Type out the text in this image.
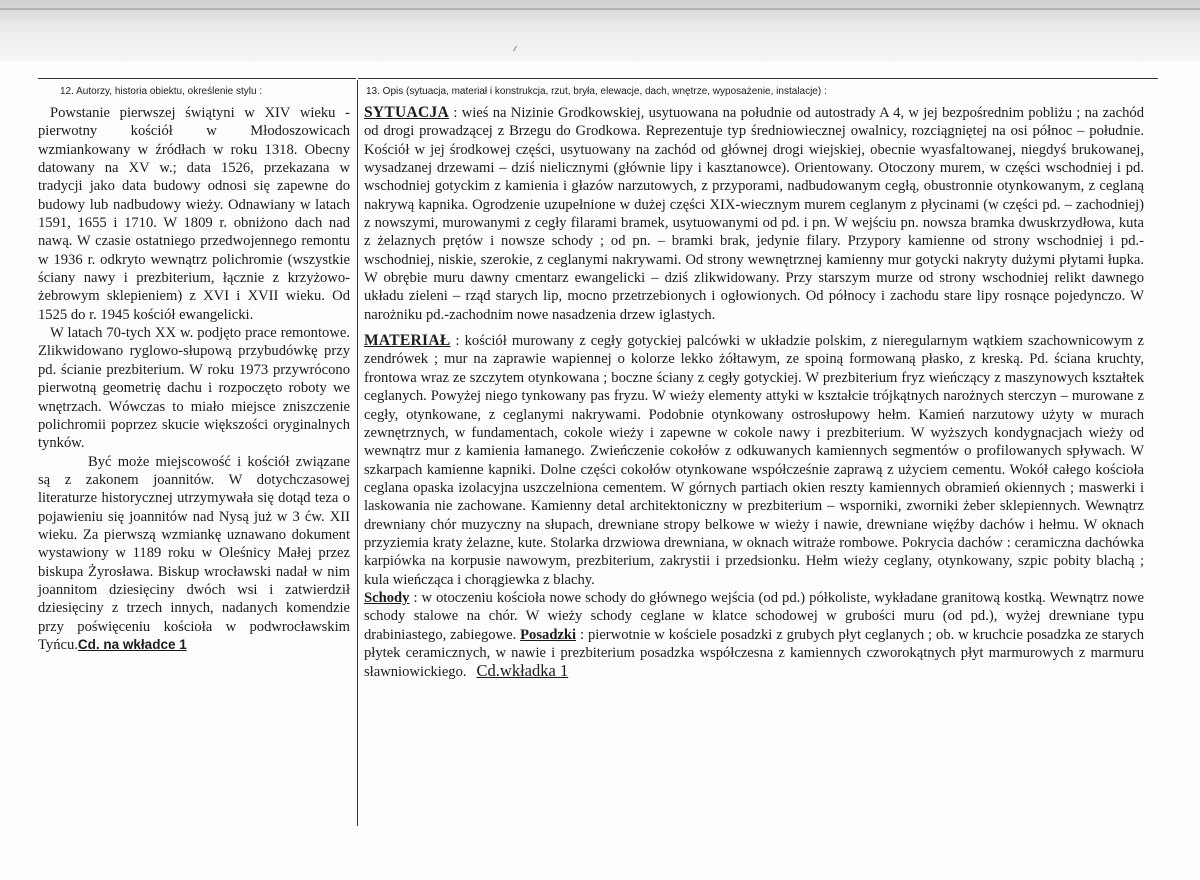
12. Autorzy, historia obiektu, określenie stylu :	13. Opis (sytuacja, materiał i konstrukcja, rzut, bryła, elewacje, dach, wnętrze, wyposażenie, instalacje) :

Powstanie pierwszej świątyni w XIV wieku - pierwotny kościół w Młodoszowicach wzmiankowany w źródłach w roku 1318. Obecny datowany na XV w.; data 1526, przekazana w tradycji jako data budowy odnosi się zapewne do budowy lub nadbudowy wieży. Odnawiany w latach 1591, 1655 i 1710. W 1809 r. obniżono dach nad nawą. W czasie ostatniego przedwojennego remontu w 1936 r. odkryto wewnątrz polichromie (wszystkie ściany nawy i prezbiterium, łącznie z krzyżowo-żebrowym sklepieniem) z XVI i XVII wieku. Od 1525 do r. 1945 kościół ewangelicki.

W latach 70-tych XX w. podjęto prace remontowe. Zlikwidowano ryglowo-słupową przybudówkę przy pd. ścianie prezbiterium. W roku 1973 przywrócono pierwotną geometrię dachu i rozpoczęto roboty we wnętrzach. Wówczas to miało miejsce zniszczenie polichromii poprzez skucie większości oryginalnych tynków.

Być może miejscowość i kościół związane są z zakonem joannitów. W dotychczasowej literaturze historycznej utrzymywała się dotąd teza o pojawieniu się joannitów nad Nysą już w 3 ćw. XII wieku. Za pierwszą wzmiankę uznawano dokument wystawiony w 1189 roku w Oleśnicy Małej przez biskupa Żyrosława. Biskup wrocławski nadał w nim joannitom dziesięciny dwóch wsi i zatwierdził dziesięciny z trzech innych, nadanych komendzie przy poświęceniu kościoła w podwrocławskim Tyńcu.Cd. na wkładce 1

SYTUACJA : wieś na Nizinie Grodkowskiej, usytuowana na południe od autostrady A 4, w jej bezpośrednim pobliżu ; na zachód od drogi prowadzącej z Brzegu do Grodkowa. Reprezentuje typ średniowiecznej owalnicy, rozciągniętej na osi północ – południe. Kościół w jej środkowej części, usytuowany na zachód od głównej drogi wiejskiej, obecnie wyasfaltowanej, niegdyś brukowanej, wysadzanej drzewami – dziś nielicznymi (głównie lipy i kasztanowce). Orientowany. Otoczony murem, w części wschodniej i pd. wschodniej gotyckim z kamienia i głazów narzutowych, z przyporami, nadbudowanym cegłą, obustronnie otynkowanym, z ceglaną nakrywą kapnika. Ogrodzenie uzupełnione w dużej części XIX-wiecznym murem ceglanym z płycinami (w części pd. – zachodniej) z nowszymi, murowanymi z cegły filarami bramek, usytuowanymi od pd. i pn. W wejściu pn. nowsza bramka dwuskrzydłowa, kuta z żelaznych prętów i nowsze schody ; od pn. – bramki brak, jedynie filary. Przypory kamienne od strony wschodniej i pd.-wschodniej, niskie, szerokie, z ceglanymi nakrywami. Od strony wewnętrznej kamienny mur gotycki nakryty dużymi płytami łupka. W obrębie muru dawny cmentarz ewangelicki – dziś zlikwidowany. Przy starszym murze od strony wschodniej relikt dawnego układu zieleni – rząd starych lip, mocno przetrzebionych i ogłowionych. Od północy i zachodu stare lipy rosnące pojedynczo. W narożniku pd.-zachodnim nowe nasadzenia drzew iglastych.

MATERIAŁ : kościół murowany z cegły gotyckiej palcówki w układzie polskim, z nieregularnym wątkiem szachownicowym z zendrówek ; mur na zaprawie wapiennej o kolorze lekko żółtawym, ze spoiną formowaną płasko, z kreską. Pd. ściana kruchty, frontowa wraz ze szczytem otynkowana ; boczne ściany z cegły gotyckiej. W prezbiterium fryz wieńczący z maszynowych kształtek ceglanych. Powyżej niego tynkowany pas fryzu. W wieży elementy attyki w kształcie trójkątnych narożnych sterczyn – murowane z cegły, otynkowane, z ceglanymi nakrywami. Podobnie otynkowany ostrosłupowy hełm. Kamień narzutowy użyty w murach zewnętrznych, w fundamentach, cokole wieży i zapewne w cokole nawy i prezbiterium. W wyższych kondygnacjach wieży od wewnątrz mur z kamienia łamanego. Zwieńczenie cokołów z odkuwanych kamiennych segmentów o profilowanych spływach. W szkarpach kamienne kapniki. Dolne części cokołów otynkowane współcześnie zaprawą z użyciem cementu. Wokół całego kościoła ceglana opaska izolacyjna uszczelniona cementem. W górnych partiach okien reszty kamiennych obramień okiennych ; maswerki i laskowania nie zachowane. Kamienny detal architektoniczny w prezbiterium – wsporniki, zworniki żeber sklepiennych. Wewnątrz drewniany chór muzyczny na słupach, drewniane stropy belkowe w wieży i nawie, drewniane więźby dachów i hełmu. W oknach przyziemia kraty żelazne, kute. Stolarka drzwiowa drewniana, w oknach witraże rombowe. Pokrycia dachów : ceramiczna dachówka karpiówka na korpusie nawowym, prezbiterium, zakrystii i przedsionku. Hełm wieży ceglany, otynkowany, szpic pobity blachą ; kula wieńcząca i chorągiewka z blachy.
Schody : w otoczeniu kościoła nowe schody do głównego wejścia (od pd.) półkoliste, wykładane granitową kostką. Wewnątrz nowe schody stalowe na chór. W wieży schody ceglane w klatce schodowej w grubości muru (od pd.), wyżej drewniane typu drabiniastego, zabiegowe. Posadzki : pierwotnie w kościele posadzki z grubych płyt ceglanych ; ob. w kruchcie posadzka ze starych płytek ceramicznych, w nawie i prezbiterium posadzka współczesna z kamiennych czworokątnych płyt marmurowych z marmuru sławniowickiego. Cd.wkładka 1
